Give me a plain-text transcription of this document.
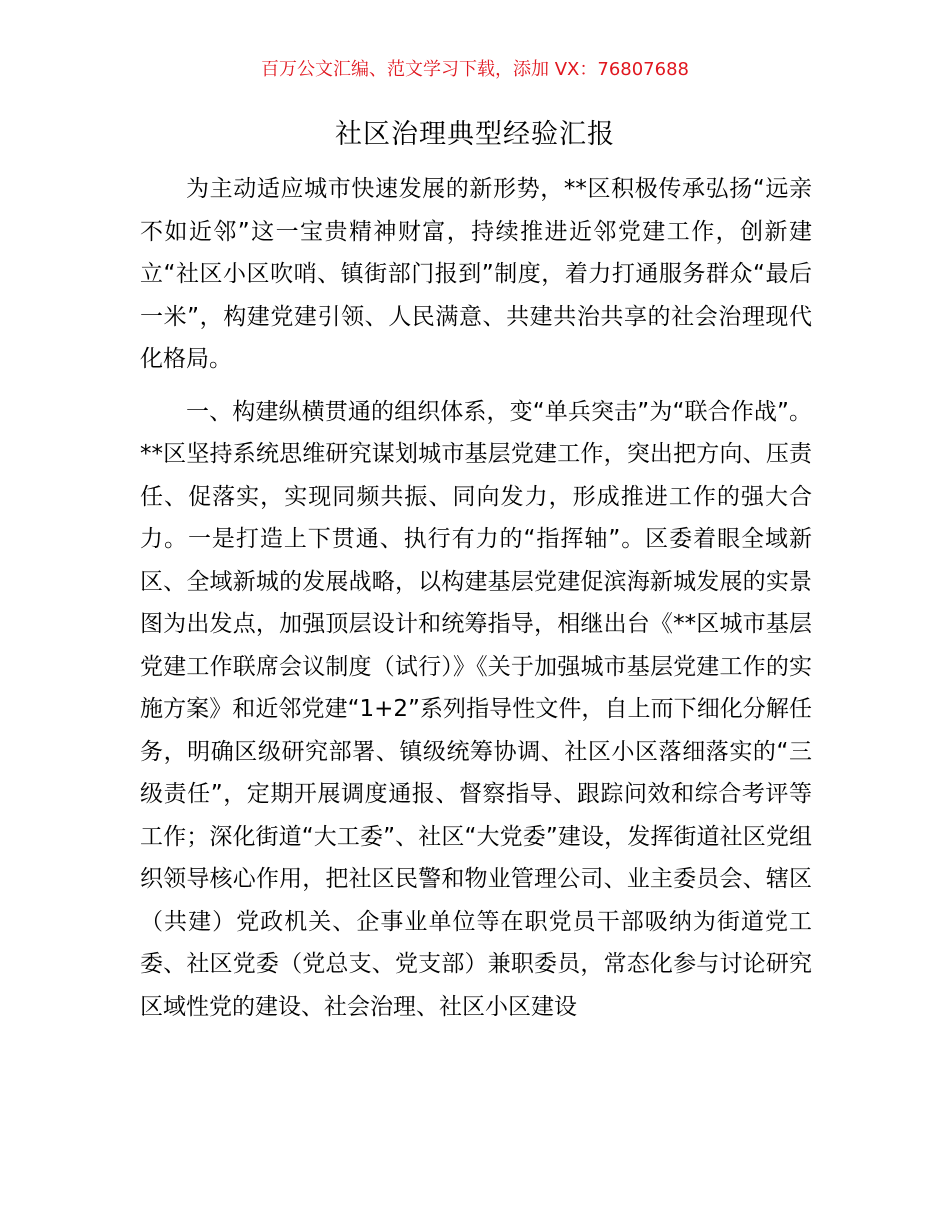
百万公文汇编、范文学习下载，添加 VX：76807688
社区治理典型经验汇报

为主动适应城市快速发展的新形势，**区积极传承弘扬“远亲不如近邻”这一宝贵精神财富，持续推进近邻党建工作，创新建立“社区小区吹哨、镇街部门报到”制度，着力打通服务群众“最后一米”，构建党建引领、人民满意、共建共治共享的社会治理现代化格局。

一、构建纵横贯通的组织体系，变“单兵突击”为“联合作战”。**区坚持系统思维研究谋划城市基层党建工作，突出把方向、压责任、促落实，实现同频共振、同向发力，形成推进工作的强大合力。一是打造上下贯通、执行有力的“指挥轴”。区委着眼全域新区、全域新城的发展战略，以构建基层党建促滨海新城发展的实景图为出发点，加强顶层设计和统筹指导，相继出台《**区城市基层党建工作联席会议制度（试行）》《关于加强城市基层党建工作的实施方案》和近邻党建“1+2”系列指导性文件，自上而下细化分解任务，明确区级研究部署、镇级统筹协调、社区小区落细落实的“三级责任”，定期开展调度通报、督察指导、跟踪问效和综合考评等工作；深化街道“大工委”、社区“大党委”建设，发挥街道社区党组织领导核心作用，把社区民警和物业管理公司、业主委员会、辖区（共建）党政机关、企事业单位等在职党员干部吸纳为街道党工委、社区党委（党总支、党支部）兼职委员，常态化参与讨论研究区域性党的建设、社会治理、社区小区建设
